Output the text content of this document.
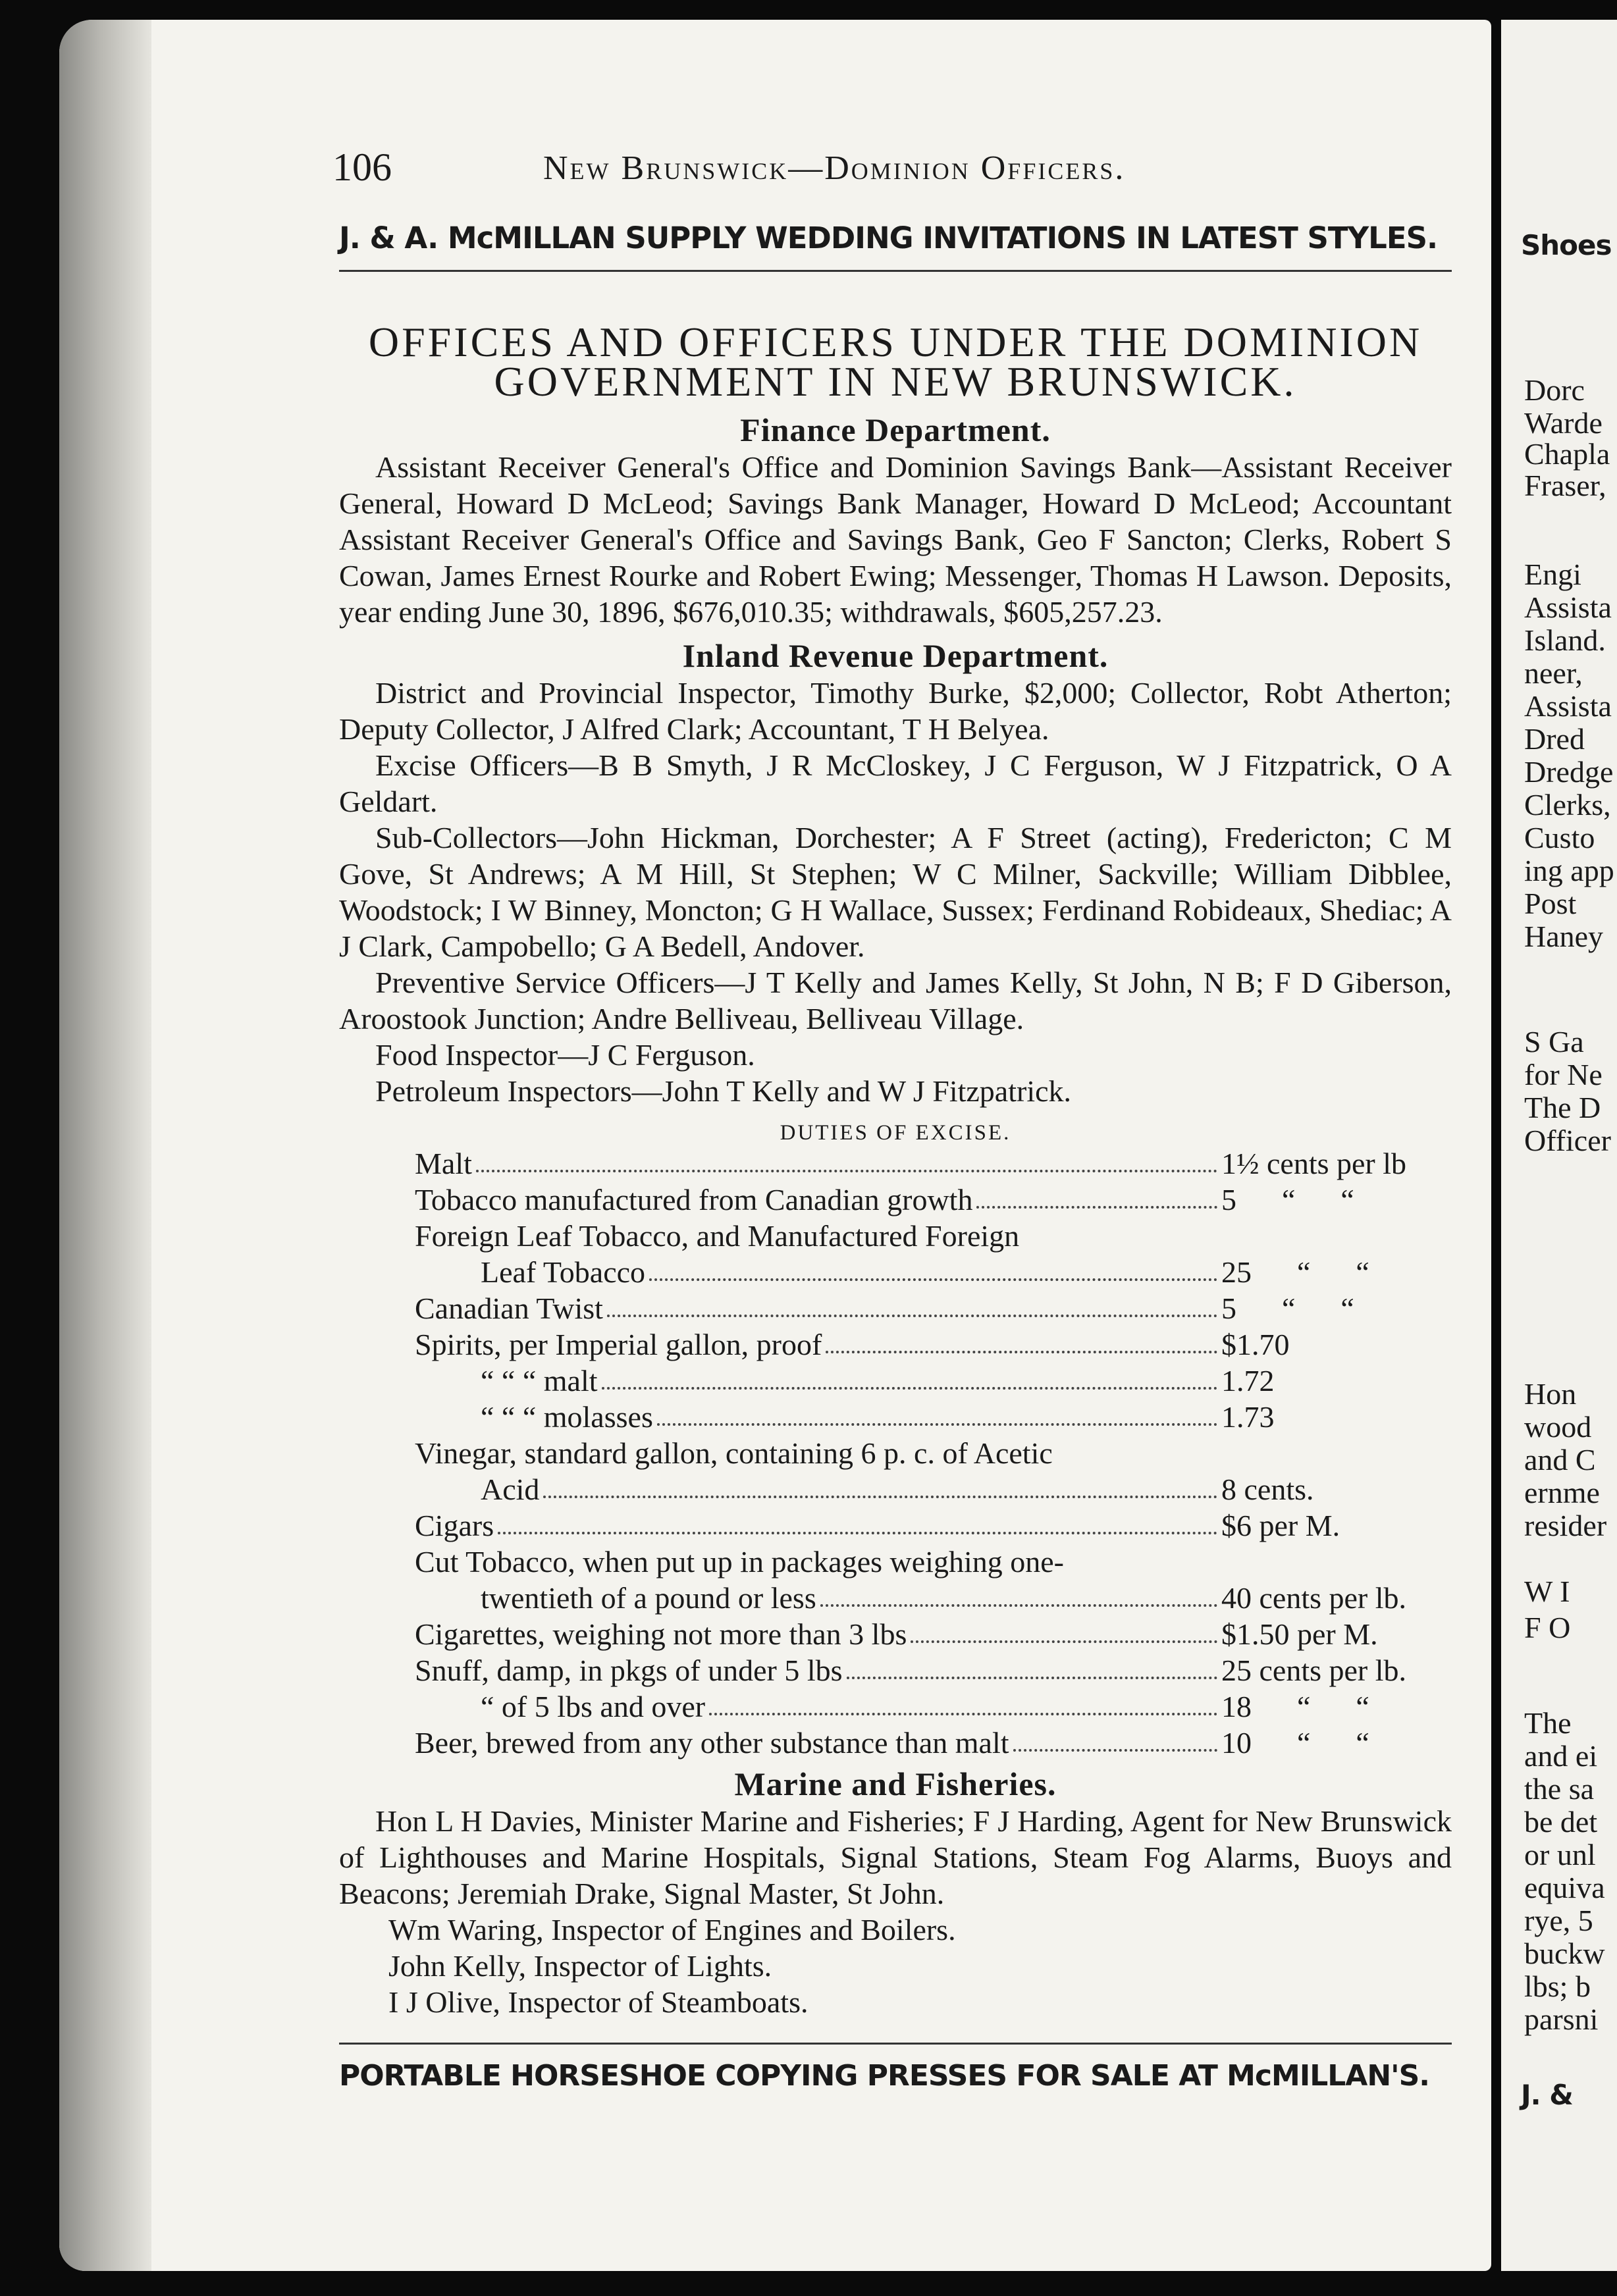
Shoes
Dorc
Warde
Chapla
Fraser,
Engi
Assista
Island.
neer,
Assista
Dred
Dredge
Clerks,
Custo
ing app
Post
Haney
S Ga
for Ne
The D
Officer
Hon
wood
and C
ernme
resider
W I
F O
The
and ei
the sa
be det
or unl
equiva
rye, 5
buckw
lbs; b
parsni
J. &
106	New Brunswick—Dominion Officers.
J. & A. McMILLAN SUPPLY WEDDING INVITATIONS IN LATEST STYLES.
OFFICES AND OFFICERS UNDER THE DOMINION
GOVERNMENT IN NEW BRUNSWICK.
Finance Department.

Assistant Receiver General's Office and Dominion Savings Bank—Assistant Receiver General, Howard D McLeod; Savings Bank Manager, Howard D McLeod; Accountant Assistant Receiver General's Office and Savings Bank, Geo F Sancton; Clerks, Robert S Cowan, James Ernest Rourke and Robert Ewing; Messenger, Thomas H Lawson. Deposits, year ending June 30, 1896, $676,010.35; withdrawals, $605,257.23.

Inland Revenue Department.

District and Provincial Inspector, Timothy Burke, $2,000; Collector, Robt Atherton; Deputy Collector, J Alfred Clark; Accountant, T H Belyea.

Excise Officers—B B Smyth, J R McCloskey, J C Ferguson, W J Fitzpatrick, O A Geldart.

Sub-Collectors—John Hickman, Dorchester; A F Street (acting), Fredericton; C M Gove, St Andrews; A M Hill, St Stephen; W C Milner, Sackville; William Dibblee, Woodstock; I W Binney, Moncton; G H Wallace, Sussex; Ferdinand Robideaux, Shediac; A J Clark, Campobello; G A Bedell, Andover.

Preventive Service Officers—J T Kelly and James Kelly, St John, N B; F D Giberson, Aroostook Junction; Andre Belliveau, Belliveau Village.

Food Inspector—J C Ferguson.

Petroleum Inspectors—John T Kelly and W J Fitzpatrick.

DUTIES OF EXCISE.
Malt	1½ cents per lb
Tobacco manufactured from Canadian growth	5      “      “
Foreign Leaf Tobacco, and Manufactured Foreign
Leaf Tobacco	25      “      “
Canadian Twist	5      “      “
Spirits, per Imperial gallon, proof	$1.70
“ “ “ malt	1.72
“ “ “ molasses	1.73
Vinegar, standard gallon, containing 6 p. c. of Acetic
Acid	8 cents.
Cigars	$6 per M.
Cut Tobacco, when put up in packages weighing one-
twentieth of a pound or less	40 cents per lb.
Cigarettes, weighing not more than 3 lbs	$1.50 per M.
Snuff, damp, in pkgs of under 5 lbs	25 cents per lb.
“ of 5 lbs and over	18      “      “
Beer, brewed from any other substance than malt	10      “      “
Marine and Fisheries.

Hon L H Davies, Minister Marine and Fisheries; F J Harding, Agent for New Brunswick of Lighthouses and Marine Hospitals, Signal Stations, Steam Fog Alarms, Buoys and Beacons; Jeremiah Drake, Signal Master, St John.

Wm Waring, Inspector of Engines and Boilers.

John Kelly, Inspector of Lights.

I J Olive, Inspector of Steamboats.

PORTABLE HORSESHOE COPYING PRESSES FOR SALE AT McMILLAN'S.
